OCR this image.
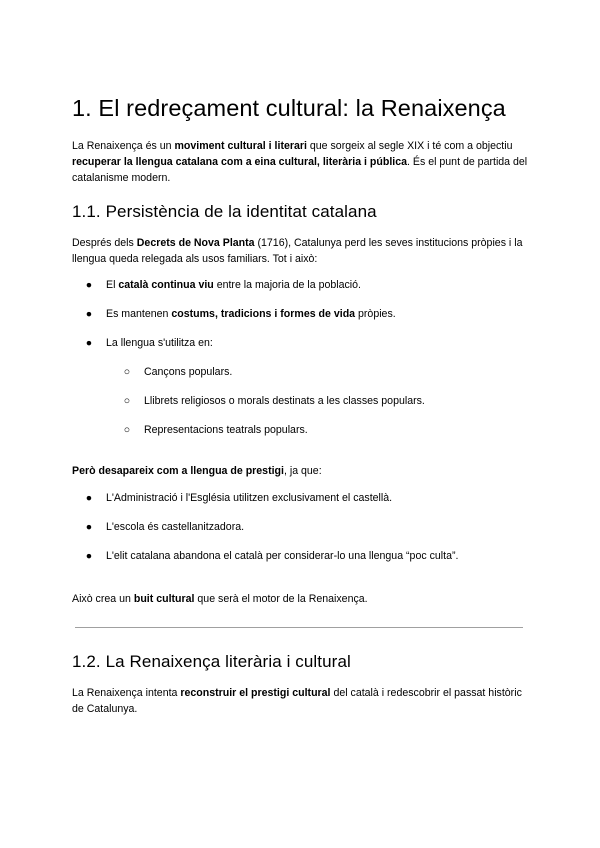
1. El redreçament cultural: la Renaixença

La Renaixença és un moviment cultural i literari que sorgeix al segle XIX i té com a objectiu recuperar la llengua catalana com a eina cultural, literària i pública. És el punt de partida del catalanisme modern.

1.1. Persistència de la identitat catalana

Després dels Decrets de Nova Planta (1716), Catalunya perd les seves institucions pròpies i la llengua queda relegada als usos familiars. Tot i això:

● El català continua viu entre la majoria de la població.
● Es mantenen costums, tradicions i formes de vida pròpies.
● La llengua s'utilitza en:
○ Cançons populars.
○ Llibrets religiosos o morals destinats a les classes populars.
○ Representacions teatrals populars.

Però desapareix com a llengua de prestigi, ja que:

● L'Administració i l'Església utilitzen exclusivament el castellà.
● L'escola és castellanitzadora.
● L'elit catalana abandona el català per considerar-lo una llengua “poc culta”.

Això crea un buit cultural que serà el motor de la Renaixença.

1.2. La Renaixença literària i cultural

La Renaixença intenta reconstruir el prestigi cultural del català i redescobrir el passat històric de Catalunya.
